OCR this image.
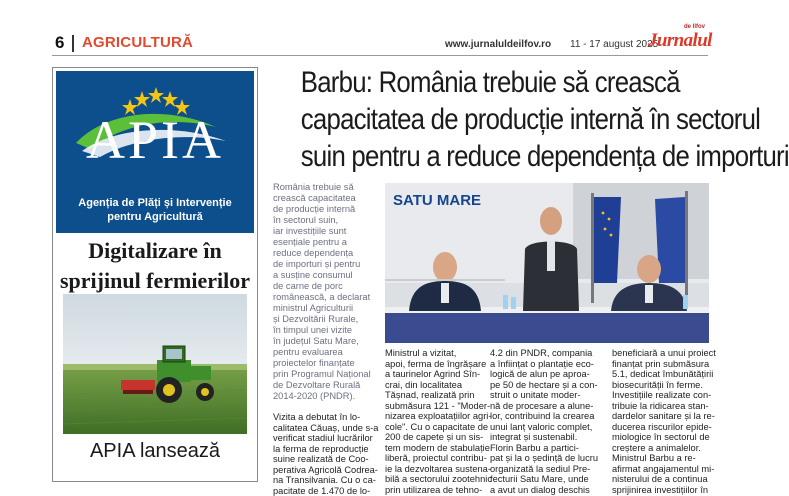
6 AGRICULTURĂ	www.jurnaluldeilfov.ro 11 - 17 august 2025
de Ilfov
Jurnalul
APIA
Agenția de Plăți și Intervenție
pentru Agricultură
Digitalizare în
sprijinul fermierilor
APIA lansează
Barbu: România trebuie să crească
capacitatea de producție internă în sectorul
suin pentru a reduce dependența de importuri
România trebuie să
crească capacitatea
de producție internă
în sectorul suin,
iar investițiile sunt
esențiale pentru a
reduce dependența
de importuri și pentru
a susține consumul
de carne de porc
românească, a declarat
ministrul Agriculturii
și Dezvoltării Rurale,
în timpul unei vizite
în județul Satu Mare,
pentru evaluarea
proiectelor finanțate
prin Programul Național
de Dezvoltare Rurală
2014-2020 (PNDR).
Vizita a debutat în lo-
calitatea Căuaș, unde s-a
verificat stadiul lucrărilor
la ferma de reproducție
suine realizată de Coo-
perativa Agricolă Codrea-
na Transilvania. Cu o ca-
pacitate de 1.470 de lo-
SATU MARE
Ministrul a vizitat,
apoi, ferma de îngrășare
a taurinelor Agrind Sîn-
crai, din localitatea
Tășnad, realizată prin
submăsura 121 - "Moder-
nizarea exploatațiilor agri-
cole". Cu o capacitate de
200 de capete și un sis-
tem modern de stabulație
liberă, proiectul contribu-
ie la dezvoltarea sustena-
bilă a sectorului zootehnic
prin utilizarea de tehno-
4.2 din PNDR, compania
a înființat o plantație eco-
logică de alun pe aproa-
pe 50 de hectare și a con-
struit o unitate moder-
nă de procesare a alune-
lor, contribuind la crearea
unui lanț valoric complet,
integrat și sustenabil.
Florin Barbu a partici-
pat și la o ședință de lucru
organizată la sediul Pre-
fecturii Satu Mare, unde
a avut un dialog deschis
beneficiară a unui proiect
finanțat prin submăsura
5.1, dedicat îmbunătățirii
biosecurității în ferme.
Investițiile realizate con-
tribuie la ridicarea stan-
dardelor sanitare și la re-
ducerea riscurilor epide-
miologice în sectorul de
creștere a animalelor.
Ministrul Barbu a re-
afirmat angajamentul mi-
nisterului de a continua
sprijinirea investițiilor în
